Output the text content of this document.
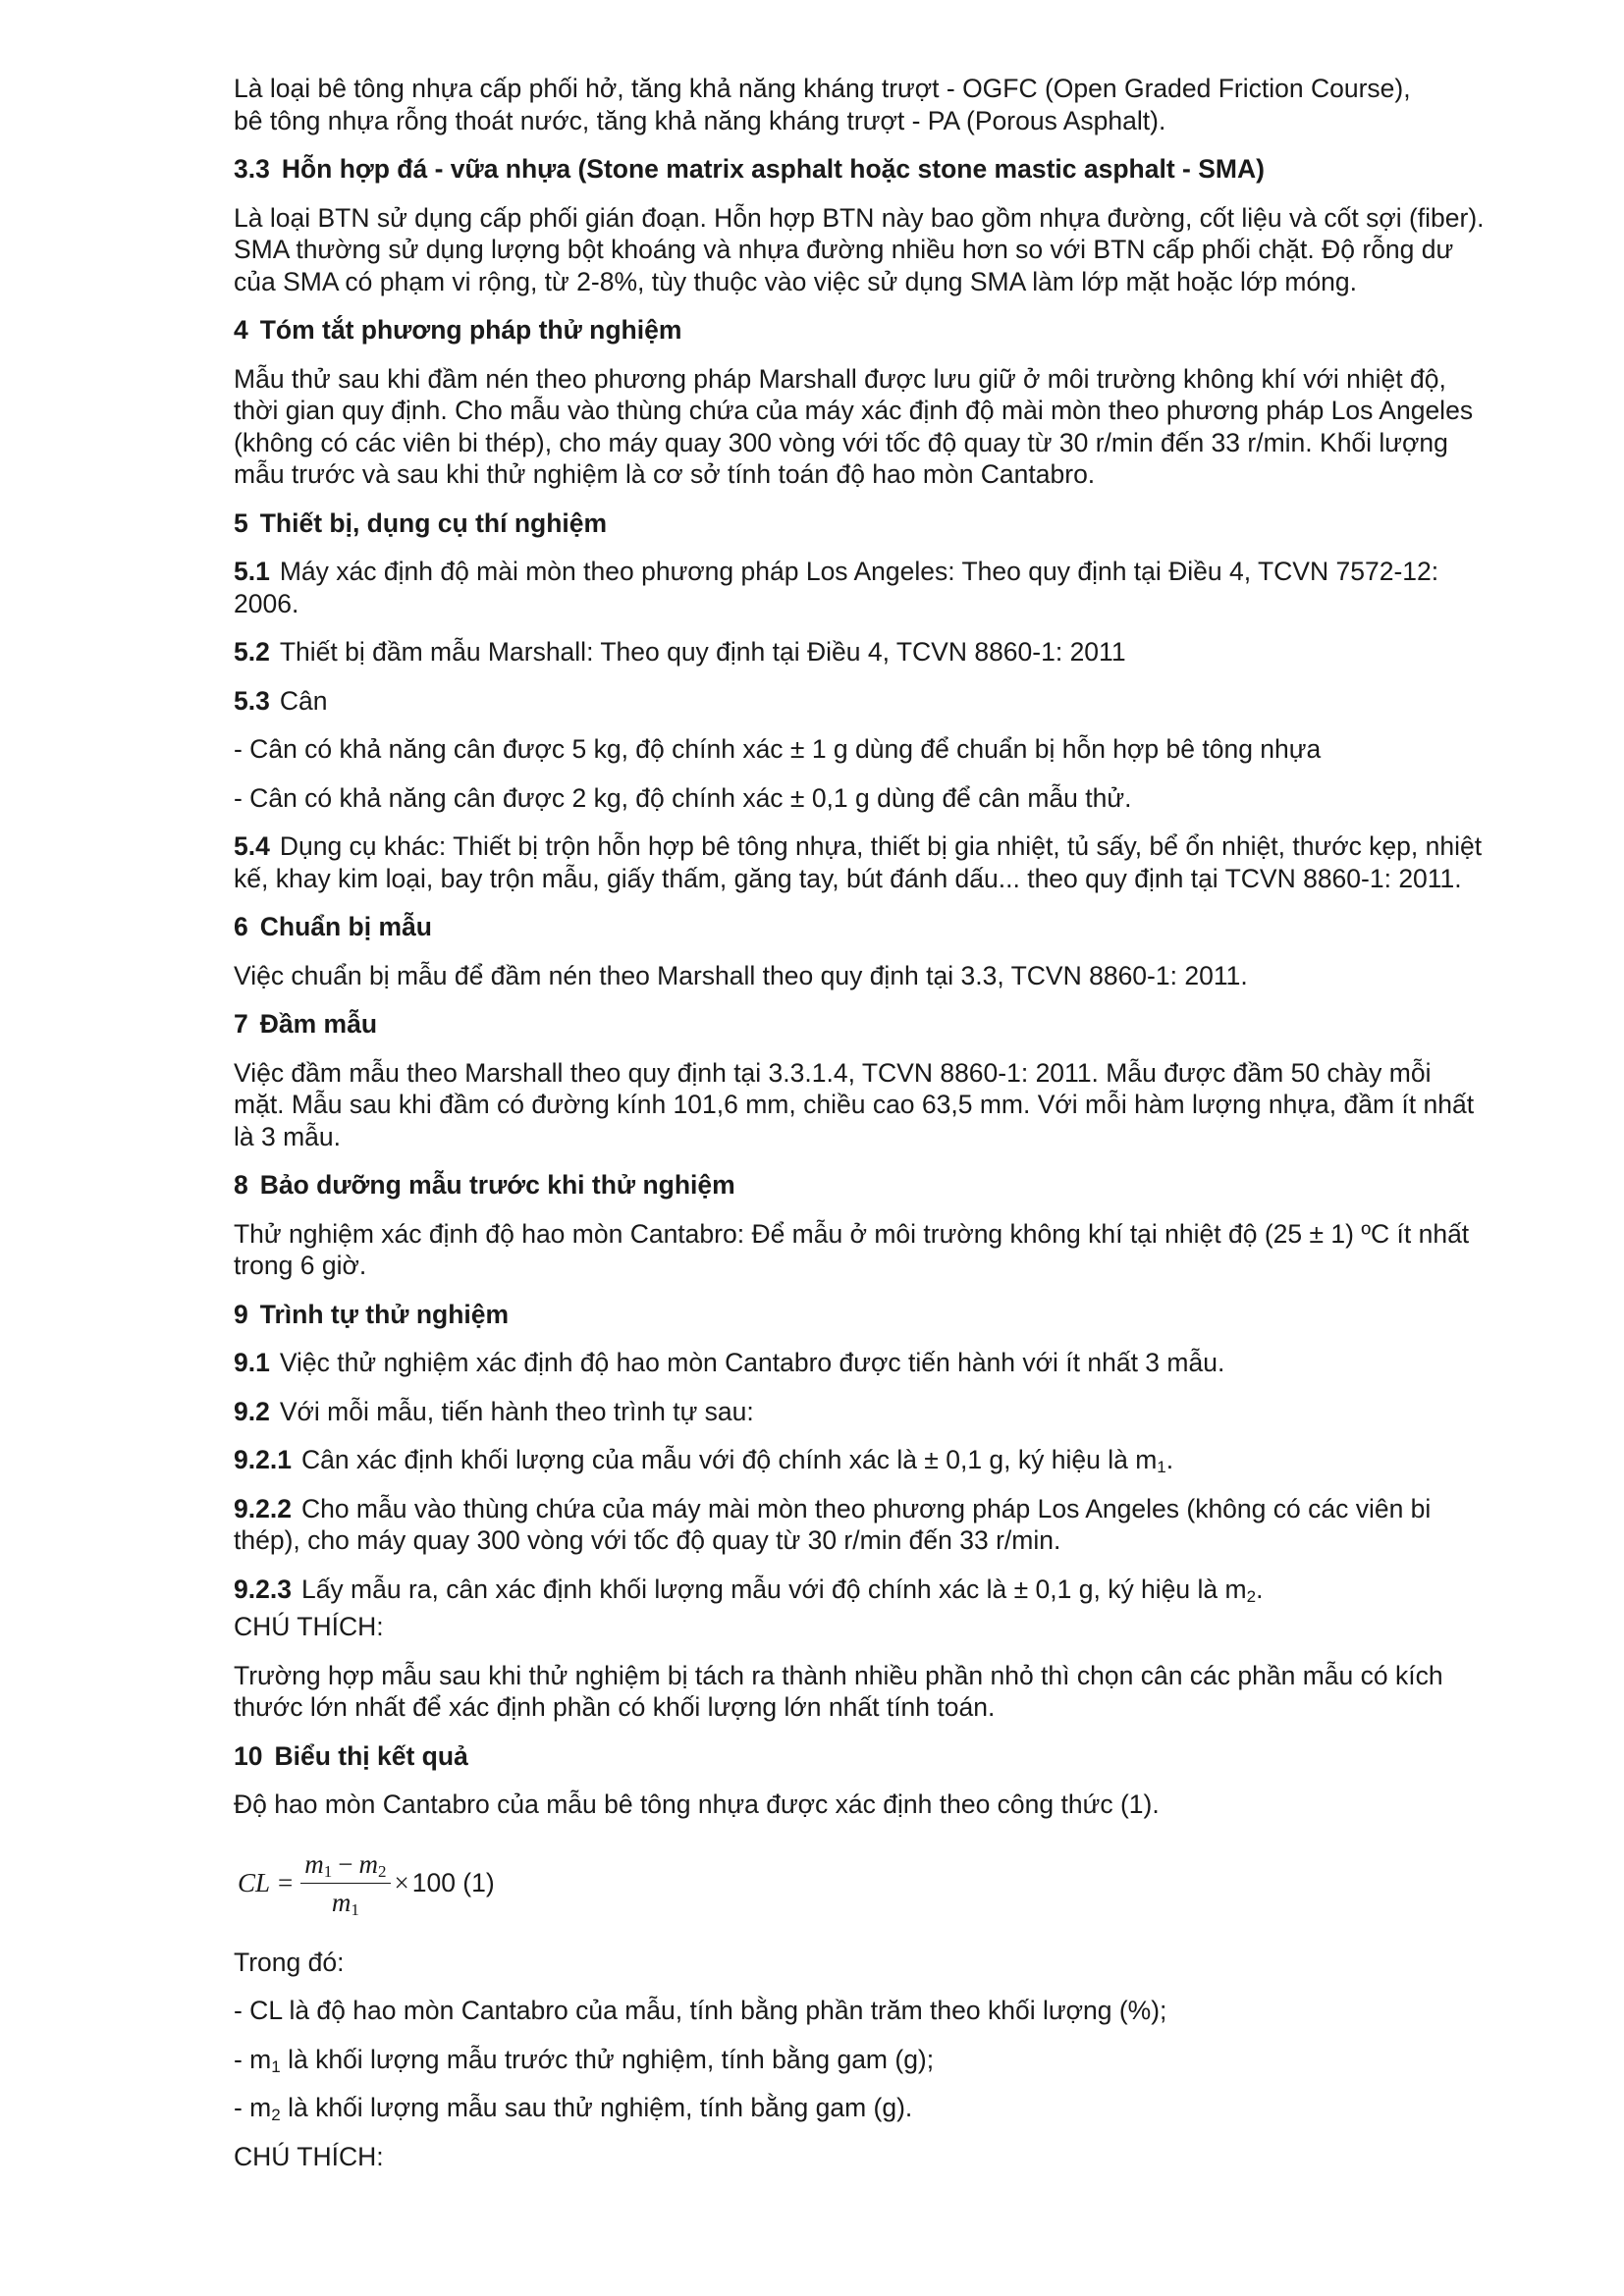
Là loại bê tông nhựa cấp phối hở, tăng khả năng kháng trượt - OGFC (Open Graded Friction Course),
bê tông nhựa rỗng thoát nước, tăng khả năng kháng trượt - PA (Porous Asphalt).

3.3 Hỗn hợp đá - vữa nhựa (Stone matrix asphalt hoặc stone mastic asphalt - SMA)

Là loại BTN sử dụng cấp phối gián đoạn. Hỗn hợp BTN này bao gồm nhựa đường, cốt liệu và cốt sợi (fiber). SMA thường sử dụng lượng bột khoáng và nhựa đường nhiều hơn so với BTN cấp phối chặt. Độ rỗng dư của SMA có phạm vi rộng, từ 2-8%, tùy thuộc vào việc sử dụng SMA làm lớp mặt hoặc lớp móng.

4 Tóm tắt phương pháp thử nghiệm

Mẫu thử sau khi đầm nén theo phương pháp Marshall được lưu giữ ở môi trường không khí với nhiệt độ, thời gian quy định. Cho mẫu vào thùng chứa của máy xác định độ mài mòn theo phương pháp Los Angeles (không có các viên bi thép), cho máy quay 300 vòng với tốc độ quay từ 30 r/min đến 33 r/min. Khối lượng mẫu trước và sau khi thử nghiệm là cơ sở tính toán độ hao mòn Cantabro.

5 Thiết bị, dụng cụ thí nghiệm

5.1 Máy xác định độ mài mòn theo phương pháp Los Angeles: Theo quy định tại Điều 4, TCVN 7572-12: 2006.

5.2 Thiết bị đầm mẫu Marshall: Theo quy định tại Điều 4, TCVN 8860-1: 2011

5.3 Cân

- Cân có khả năng cân được 5 kg, độ chính xác ± 1 g dùng để chuẩn bị hỗn hợp bê tông nhựa

- Cân có khả năng cân được 2 kg, độ chính xác ± 0,1 g dùng để cân mẫu thử.

5.4 Dụng cụ khác: Thiết bị trộn hỗn hợp bê tông nhựa, thiết bị gia nhiệt, tủ sấy, bể ổn nhiệt, thước kẹp, nhiệt kế, khay kim loại, bay trộn mẫu, giấy thấm, găng tay, bút đánh dấu... theo quy định tại TCVN 8860-1: 2011.

6 Chuẩn bị mẫu

Việc chuẩn bị mẫu để đầm nén theo Marshall theo quy định tại 3.3, TCVN 8860-1: 2011.

7 Đầm mẫu

Việc đầm mẫu theo Marshall theo quy định tại 3.3.1.4, TCVN 8860-1: 2011. Mẫu được đầm 50 chày mỗi mặt. Mẫu sau khi đầm có đường kính 101,6 mm, chiều cao 63,5 mm. Với mỗi hàm lượng nhựa, đầm ít nhất là 3 mẫu.

8 Bảo dưỡng mẫu trước khi thử nghiệm

Thử nghiệm xác định độ hao mòn Cantabro: Để mẫu ở môi trường không khí tại nhiệt độ (25 ± 1) ºC ít nhất trong 6 giờ.

9 Trình tự thử nghiệm

9.1 Việc thử nghiệm xác định độ hao mòn Cantabro được tiến hành với ít nhất 3 mẫu.

9.2 Với mỗi mẫu, tiến hành theo trình tự sau:

9.2.1 Cân xác định khối lượng của mẫu với độ chính xác là ± 0,1 g, ký hiệu là $m_1$.

9.2.2 Cho mẫu vào thùng chứa của máy mài mòn theo phương pháp Los Angeles (không có các viên bi thép), cho máy quay 300 vòng với tốc độ quay từ 30 r/min đến 33 r/min.

9.2.3 Lấy mẫu ra, cân xác định khối lượng mẫu với độ chính xác là ± 0,1 g, ký hiệu là $m_2$.

CHÚ THÍCH:

Trường hợp mẫu sau khi thử nghiệm bị tách ra thành nhiều phần nhỏ thì chọn cân các phần mẫu có kích thước lớn nhất để xác định phần có khối lượng lớn nhất tính toán.

10 Biểu thị kết quả

Độ hao mòn Cantabro của mẫu bê tông nhựa được xác định theo công thức (1).

CL = $\frac{m_1 - m_2}{m_1} \times 100$ (1)

Trong đó:

- CL là độ hao mòn Cantabro của mẫu, tính bằng phần trăm theo khối lượng (%);

- $m_1$ là khối lượng mẫu trước thử nghiệm, tính bằng gam (g);

- $m_2$ là khối lượng mẫu sau thử nghiệm, tính bằng gam (g).

CHÚ THÍCH:
